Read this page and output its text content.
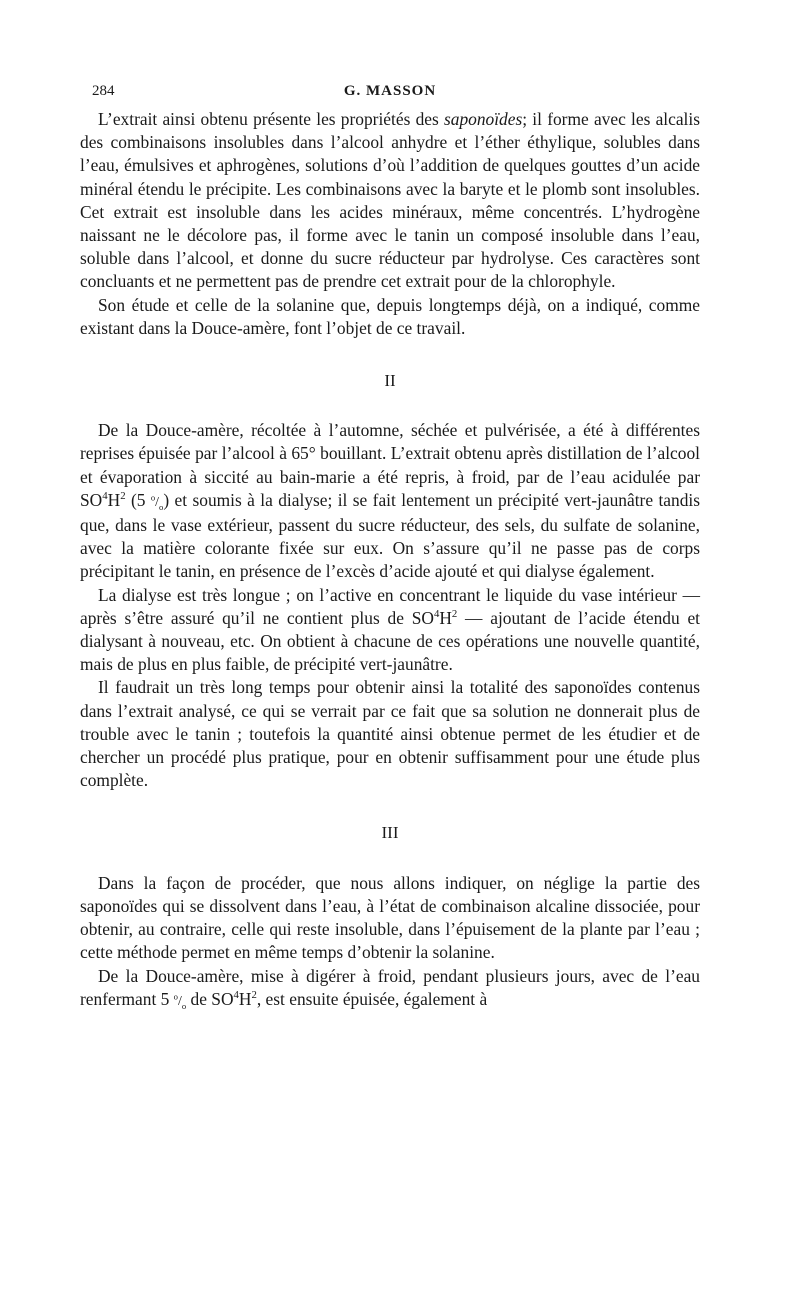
284	G. MASSON

L’extrait ainsi obtenu présente les propriétés des saponoïdes; il forme avec les alcalis des combinaisons insolubles dans l’alcool anhydre et l’éther éthylique, solubles dans l’eau, émulsives et aphrogènes, solutions d’où l’addition de quelques gouttes d’un acide minéral étendu le précipite. Les combinaisons avec la baryte et le plomb sont insolubles. Cet extrait est insoluble dans les acides minéraux, même concentrés. L’hydrogène naissant ne le décolore pas, il forme avec le tanin un composé insoluble dans l’eau, soluble dans l’alcool, et donne du sucre réducteur par hydrolyse. Ces caractères sont concluants et ne permettent pas de prendre cet extrait pour de la chlorophyle.

Son étude et celle de la solanine que, depuis longtemps déjà, on a indiqué, comme existant dans la Douce-amère, font l’objet de ce travail.

II

De la Douce-amère, récoltée à l’automne, séchée et pulvérisée, a été à différentes reprises épuisée par l’alcool à 65° bouillant. L’extrait obtenu après distillation de l’alcool et évaporation à siccité au bain-marie a été repris, à froid, par de l’eau acidulée par $SO^4H^2$ (5 $^o/_o$) et soumis à la dialyse; il se fait lentement un précipité vert-jaunâtre tandis que, dans le vase extérieur, passent du sucre réducteur, des sels, du sulfate de solanine, avec la matière colorante fixée sur eux. On s’assure qu’il ne passe pas de corps précipitant le tanin, en présence de l’excès d’acide ajouté et qui dialyse également.

La dialyse est très longue ; on l’active en concentrant le liquide du vase intérieur — après s’être assuré qu’il ne contient plus de $SO^4H^2$ — ajoutant de l’acide étendu et dialysant à nouveau, etc. On obtient à chacune de ces opérations une nouvelle quantité, mais de plus en plus faible, de précipité vert-jaunâtre.

Il faudrait un très long temps pour obtenir ainsi la totalité des saponoïdes contenus dans l’extrait analysé, ce qui se verrait par ce fait que sa solution ne donnerait plus de trouble avec le tanin ; toutefois la quantité ainsi obtenue permet de les étudier et de chercher un procédé plus pratique, pour en obtenir suffisamment pour une étude plus complète.

III

Dans la façon de procéder, que nous allons indiquer, on néglige la partie des saponoïdes qui se dissolvent dans l’eau, à l’état de combinaison alcaline dissociée, pour obtenir, au contraire, celle qui reste insoluble, dans l’épuisement de la plante par l’eau ; cette méthode permet en même temps d’obtenir la solanine.

De la Douce-amère, mise à digérer à froid, pendant plusieurs jours, avec de l’eau renfermant 5 $^o/_o$ de $SO^4H^2$, est ensuite épuisée, également à
